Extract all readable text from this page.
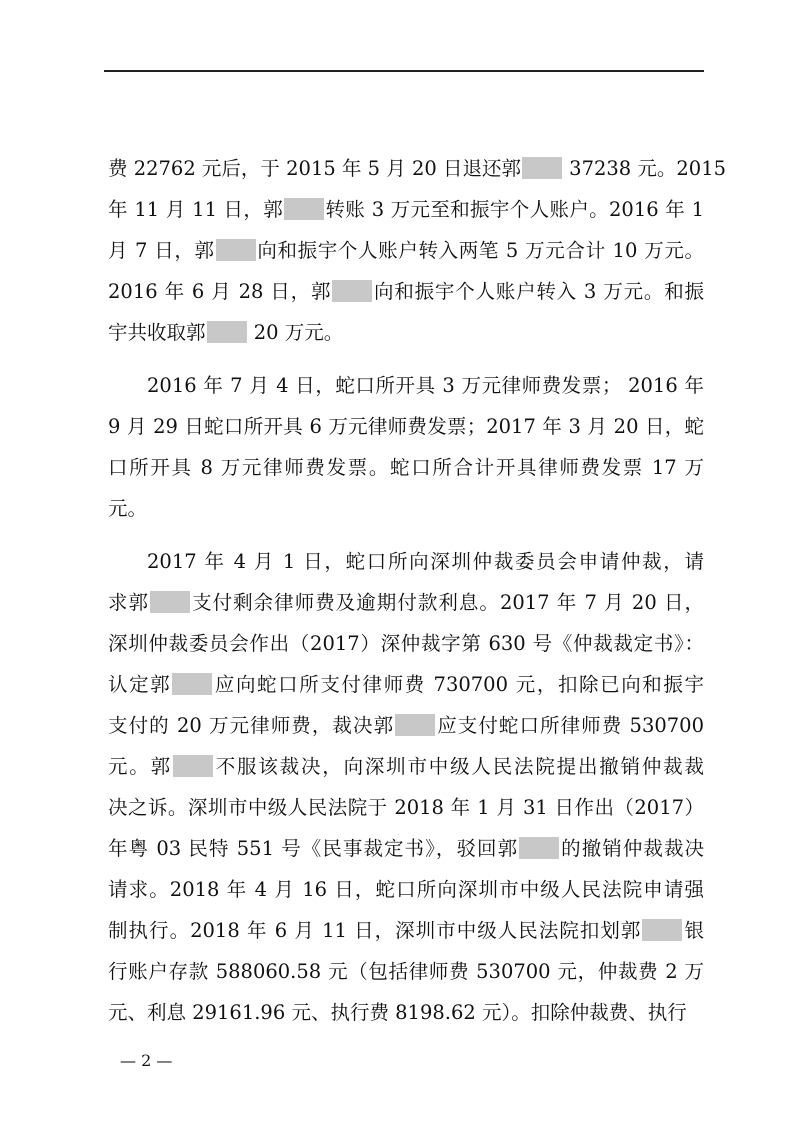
费 22762 元后，于 2015 年 5 月 20 日退还郭 37238 元。2015
年 11 月 11 日，郭 转账 3 万元至和振宇个人账户。2016 年 1
月 7 日，郭 向和振宇个人账户转入两笔 5 万元合计 10 万元。
2016 年 6 月 28 日，郭 向和振宇个人账户转入 3 万元。和振
宇共收取郭 20 万元。
2016 年 7 月 4 日，蛇口所开具 3 万元律师费发票； 2016 年
9 月 29 日蛇口所开具 6 万元律师费发票；2017 年 3 月 20 日，蛇
口所开具 8 万元律师费发票。蛇口所合计开具律师费发票 17 万
元。
2017 年 4 月 1 日，蛇口所向深圳仲裁委员会申请仲裁，请
求郭 支付剩余律师费及逾期付款利息。2017 年 7 月 20 日，
深圳仲裁委员会作出（2017）深仲裁字第 630 号《仲裁裁定书》：
认定郭 应向蛇口所支付律师费 730700 元，扣除已向和振宇
支付的 20 万元律师费，裁决郭 应支付蛇口所律师费 530700
元。郭 不服该裁决，向深圳市中级人民法院提出撤销仲裁裁
决之诉。深圳市中级人民法院于 2018 年 1 月 31 日作出（2017）
年粤 03 民特 551 号《民事裁定书》，驳回郭 的撤销仲裁裁决
请求。2018 年 4 月 16 日，蛇口所向深圳市中级人民法院申请强
制执行。2018 年 6 月 11 日，深圳市中级人民法院扣划郭 银
行账户存款 588060.58 元（包括律师费 530700 元，仲裁费 2 万
元、利息 29161.96 元、执行费 8198.62 元）。扣除仲裁费、执行
— 2 —
